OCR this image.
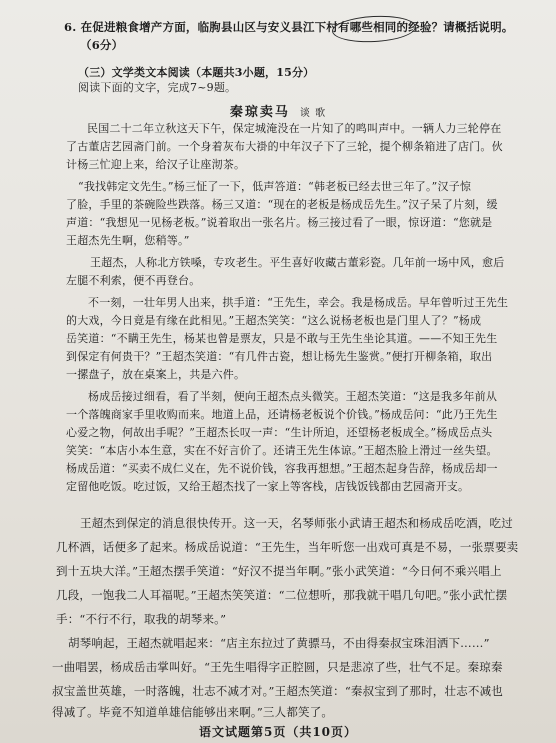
6. 在促进粮食增产方面，临朐县山区与安义县江下村有哪些相同的经验？请概括说明。
（6分）
（三）文学类文本阅读（本题共3小题，15分）
阅读下面的文字，完成7~9题。
秦琼卖马 谈 歌
民国二十二年立秋这天下午，保定城淹没在一片知了的鸣叫声中。一辆人力三轮停在
了古董店艺园斋门前。一个身着灰布大褂的中年汉子下了三轮，提个柳条箱进了店门。伙
计杨三忙迎上来，给汉子让座沏茶。
“我找韩定文先生。”杨三怔了一下，低声答道：“韩老板已经去世三年了。”汉子惊
了脸，手里的茶碗险些跌落。杨三又道：“现在的老板是杨成岳先生。”汉子呆了片刻，缓
声道：“我想见一见杨老板。”说着取出一张名片。杨三接过看了一眼，惊讶道：“您就是
王超杰先生啊，您稍等。”
王超杰，人称北方铁嗓，专攻老生。平生喜好收藏古董彩瓷。几年前一场中风，愈后
左腿不利索，便不再登台。
不一刻，一壮年男人出来，拱手道：“王先生，幸会。我是杨成岳。早年曾听过王先生
的大戏，今日竟是有缘在此相见。”王超杰笑笑：“这么说杨老板也是门里人了？”杨成
岳笑道：“不瞒王先生，杨某也曾是票友，只是不敢与王先生坐论其道。——不知王先生
到保定有何贵干？”王超杰笑道：“有几件古瓷，想让杨先生鉴赏。”便打开柳条箱，取出
一摞盘子，放在桌案上，共是六件。
杨成岳接过细看，看了半刻，便向王超杰点头微笑。王超杰笑道：“这是我多年前从
一个落魄商家手里收购而来。地道上品，还请杨老板说个价钱。”杨成岳问：“此乃王先生
心爱之物，何故出手呢？”王超杰长叹一声：“生计所迫，还望杨老板成全。”杨成岳点头
笑笑：“本店小本生意，实在不好言价了。还请王先生体谅。”王超杰脸上滑过一丝失望。
杨成岳道：“买卖不成仁义在，先不说价钱，容我再想想。”王超杰起身告辞，杨成岳却一
定留他吃饭。吃过饭，又给王超杰找了一家上等客栈，店钱饭钱都由艺园斋开支。
王超杰到保定的消息很快传开。这一天，名琴师张小武请王超杰和杨成岳吃酒，吃过
几杯酒，话便多了起来。杨成岳说道：“王先生，当年听您一出戏可真是不易，一张票要卖
到十五块大洋。”王超杰摆手笑道：“好汉不提当年啊。”张小武笑道：“今日何不乘兴唱上
几段，一饱我二人耳福呢。”王超杰笑笑道：“二位想听，那我就干唱几句吧。”张小武忙摆
手：“不行不行，取我的胡琴来。”
胡琴响起，王超杰就唱起来：“店主东拉过了黄骠马，不由得秦叔宝珠泪洒下……”
一曲唱罢，杨成岳击掌叫好。“王先生唱得字正腔圆，只是悲凉了些，壮气不足。秦琼秦
叔宝盖世英雄，一时落魄，壮志不减才对。”王超杰笑道：“秦叔宝到了那时，壮志不减也
得减了。毕竟不知道单雄信能够出来啊。”三人都笑了。
语文试题第5页（共10页）
